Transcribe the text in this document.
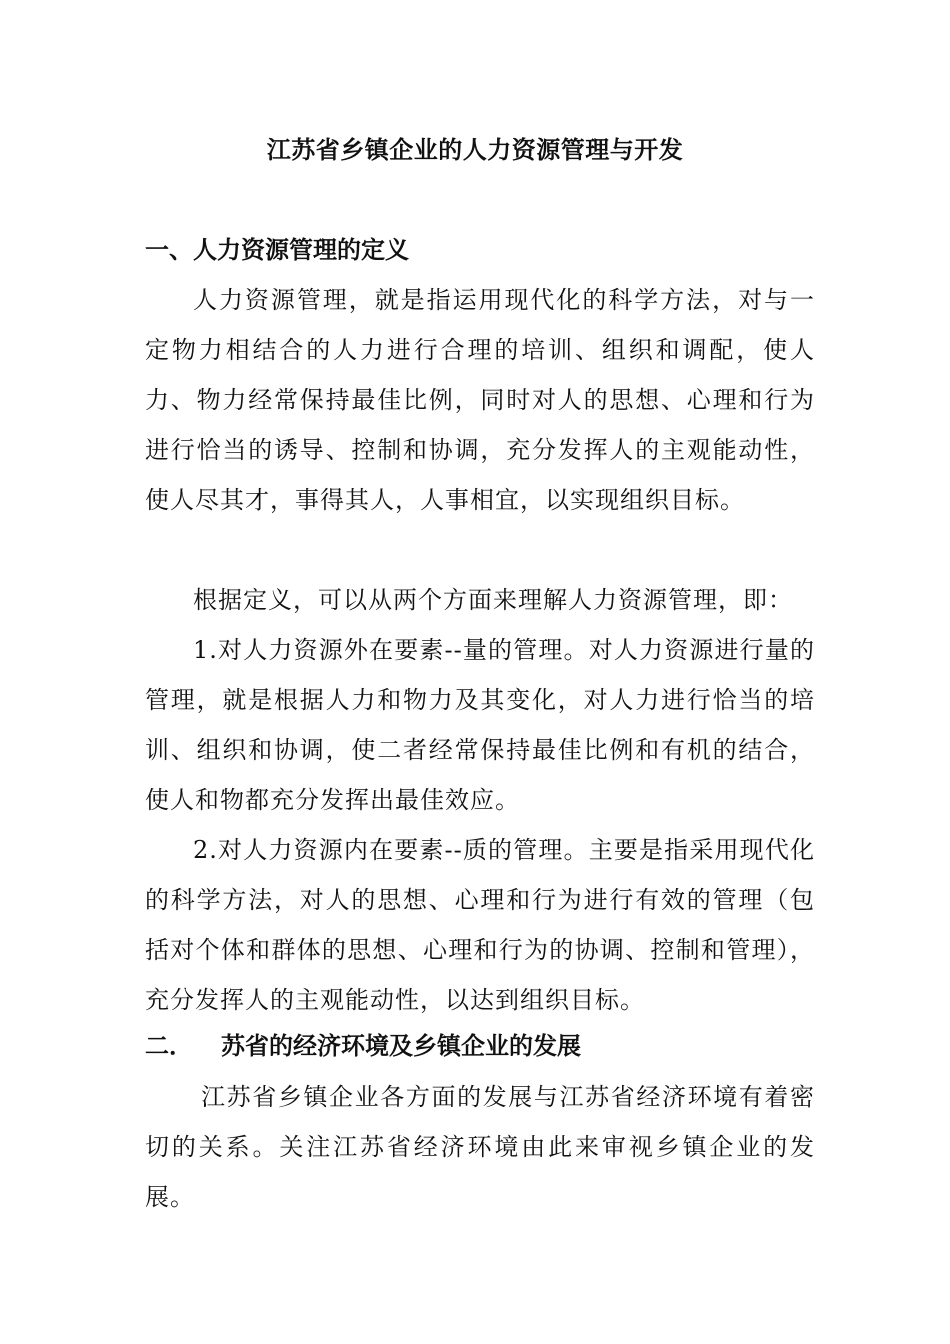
江苏省乡镇企业的人力资源管理与开发
一、人力资源管理的定义

人力资源管理，就是指运用现代化的科学方法，对与一定物力相结合的人力进行合理的培训、组织和调配，使人力、物力经常保持最佳比例，同时对人的思想、心理和行为进行恰当的诱导、控制和协调，充分发挥人的主观能动性，使人尽其才，事得其人，人事相宜，以实现组织目标。

根据定义，可以从两个方面来理解人力资源管理，即：

1.对人力资源外在要素--量的管理。对人力资源进行量的管理，就是根据人力和物力及其变化，对人力进行恰当的培训、组织和协调，使二者经常保持最佳比例和有机的结合，使人和物都充分发挥出最佳效应。

2.对人力资源内在要素--质的管理。主要是指采用现代化的科学方法，对人的思想、心理和行为进行有效的管理（包括对个体和群体的思想、心理和行为的协调、控制和管理），充分发挥人的主观能动性，以达到组织目标。

二． 苏省的经济环境及乡镇企业的发展

江苏省乡镇企业各方面的发展与江苏省经济环境有着密切的关系。关注江苏省经济环境由此来审视乡镇企业的发展。
